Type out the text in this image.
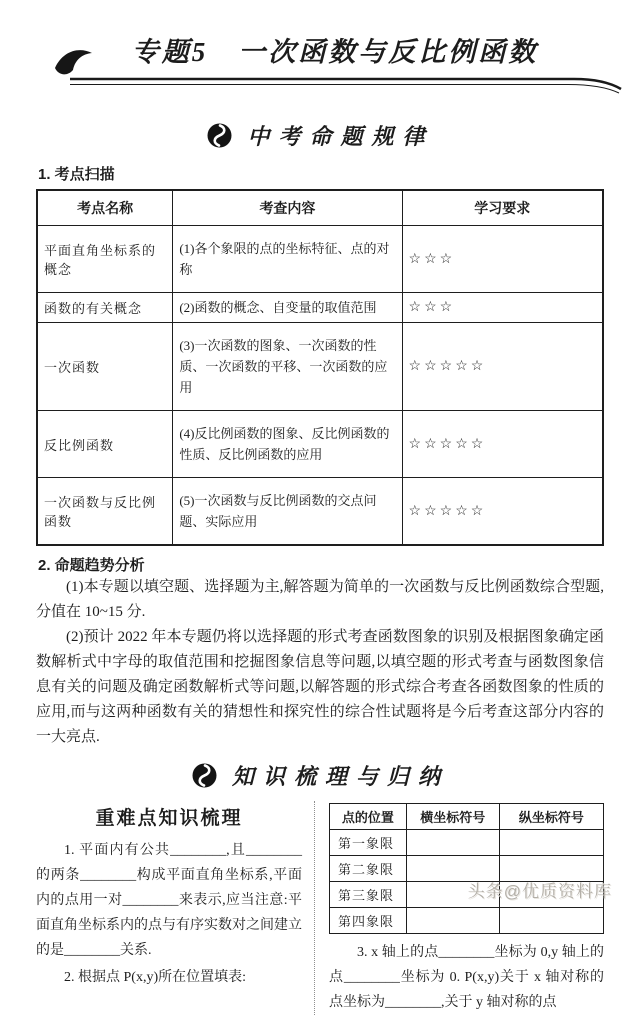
专题5　一次函数与反比例函数
中考命题规律
1. 考点扫描
考点名称	考查内容	学习要求
平面直角坐标系的概念	(1)各个象限的点的坐标特征、点的对称	☆☆☆
函数的有关概念	(2)函数的概念、自变量的取值范围	☆☆☆
一次函数	(3)一次函数的图象、一次函数的性质、一次函数的平移、一次函数的应用	☆☆☆☆☆
反比例函数	(4)反比例函数的图象、反比例函数的性质、反比例函数的应用	☆☆☆☆☆
一次函数与反比例函数	(5)一次函数与反比例函数的交点问题、实际应用	☆☆☆☆☆
2. 命题趋势分析

(1)本专题以填空题、选择题为主,解答题为简单的一次函数与反比例函数综合型题,分值在 10~15 分.

(2)预计 2022 年本专题仍将以选择题的形式考查函数图象的识别及根据图象确定函数解析式中字母的取值范围和挖掘图象信息等问题,以填空题的形式考查与函数图象信息有关的问题及确定函数解析式等问题,以解答题的形式综合考查各函数图象的性质的应用,而与这两种函数有关的猜想性和探究性的综合性试题将是今后考查这部分内容的一大亮点.

知识梳理与归纳
重难点知识梳理

1. 平面内有公共________,且________的两条________构成平面直角坐标系,平面内的点用一对________来表示,应当注意:平面直角坐标系内的点与有序实数对之间建立的是________关系.

2. 根据点 P(x,y)所在位置填表:

点的位置	横坐标符号	纵坐标符号
第一象限		
第二象限		
第三象限		
第四象限		

3. x 轴上的点________坐标为 0,y 轴上的点________坐标为 0. P(x,y)关于 x 轴对称的点坐标为________,关于 y 轴对称的点

头条@优质资料库
